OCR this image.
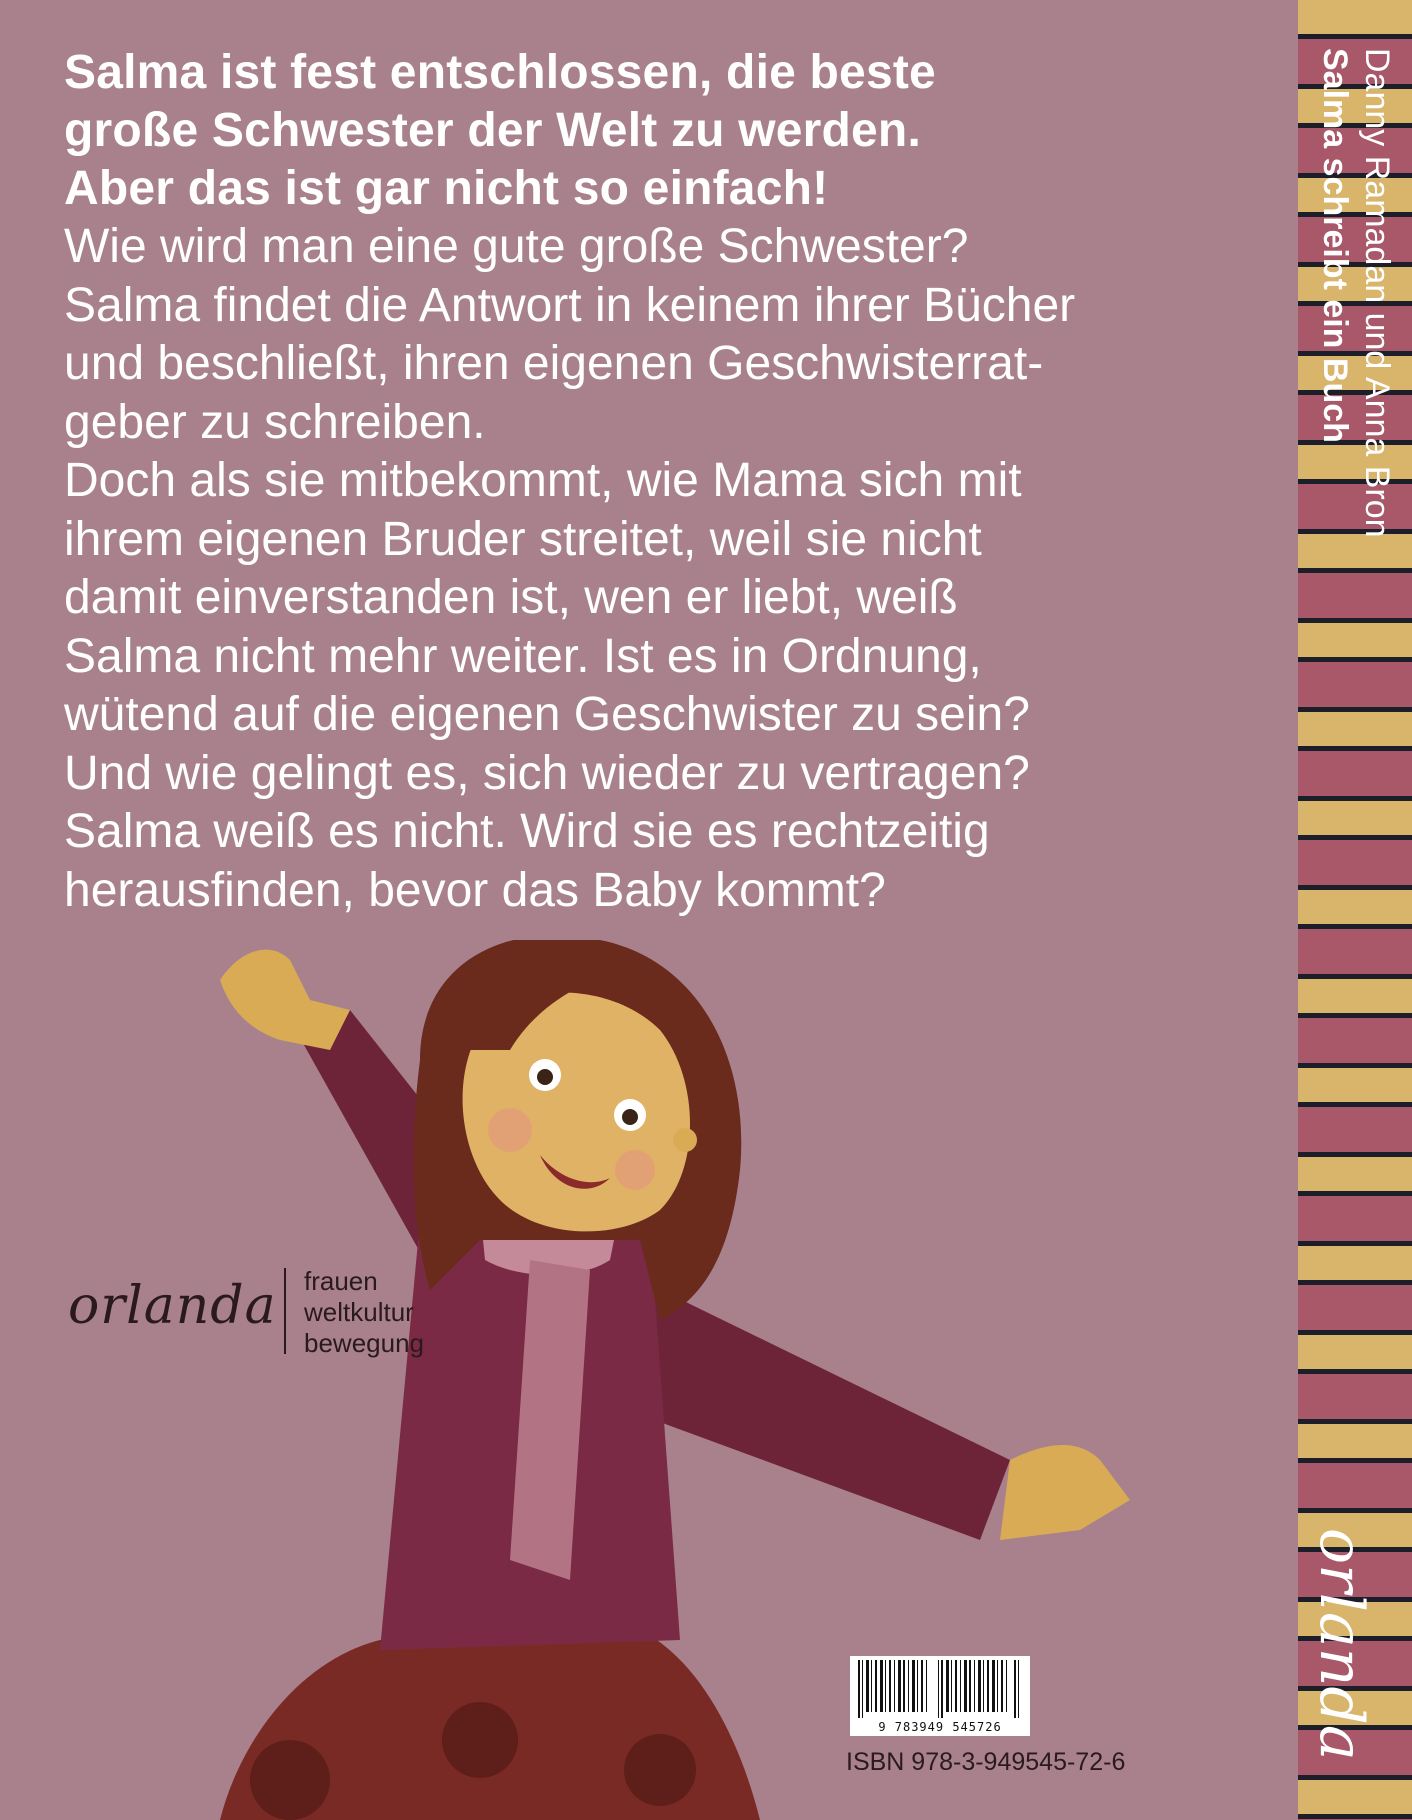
Salma ist fest entschlossen, die beste
große Schwester der Welt zu werden.
Aber das ist gar nicht so einfach!

Wie wird man eine gute große Schwester?
Salma findet die Antwort in keinem ihrer Bücher
und beschließt, ihren eigenen Geschwisterrat-
geber zu schreiben.
Doch als sie mitbekommt, wie Mama sich mit
ihrem eigenen Bruder streitet, weil sie nicht
damit einverstanden ist, wen er liebt, weiß
Salma nicht mehr weiter. Ist es in Ordnung,
wütend auf die eigenen Geschwister zu sein?
Und wie gelingt es, sich wieder zu vertragen?
Salma weiß es nicht. Wird sie es rechtzeitig
herausfinden, bevor das Baby kommt?

orlanda frauen
weltkultur
bewegung
9 783949 545726
ISBN 978-3-949545-72-6
Salma schreibt ein Buch Danny Ramadan und Anna Bron
orlanda
